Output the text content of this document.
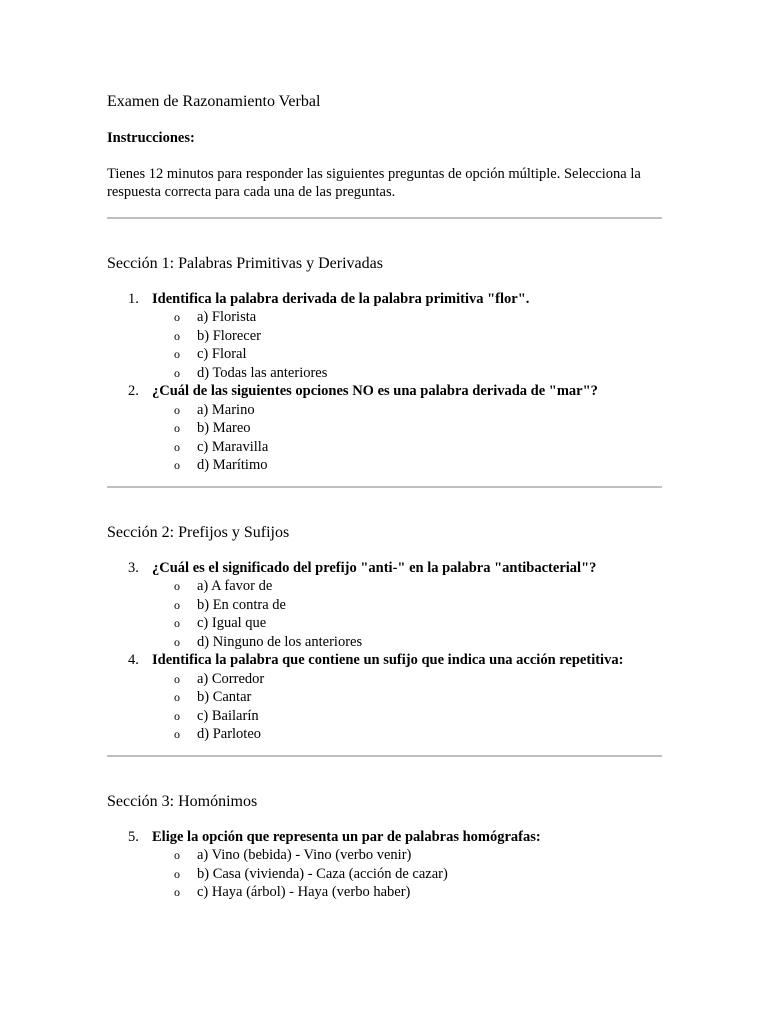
Examen de Razonamiento Verbal

Instrucciones:

Tienes 12 minutos para responder las siguientes preguntas de opción múltiple. Selecciona la respuesta correcta para cada una de las preguntas.

Sección 1: Palabras Primitivas y Derivadas
1. Identifica la palabra derivada de la palabra primitiva "flor".
o a) Florista
o b) Florecer
o c) Floral
o d) Todas las anteriores
2. ¿Cuál de las siguientes opciones NO es una palabra derivada de "mar"?
o a) Marino
o b) Mareo
o c) Maravilla
o d) Marítimo
Sección 2: Prefijos y Sufijos
3. ¿Cuál es el significado del prefijo "anti-" en la palabra "antibacterial"?
o a) A favor de
o b) En contra de
o c) Igual que
o d) Ninguno de los anteriores
4. Identifica la palabra que contiene un sufijo que indica una acción repetitiva:
o a) Corredor
o b) Cantar
o c) Bailarín
o d) Parloteo
Sección 3: Homónimos
5. Elige la opción que representa un par de palabras homógrafas:
o a) Vino (bebida) - Vino (verbo venir)
o b) Casa (vivienda) - Caza (acción de cazar)
o c) Haya (árbol) - Haya (verbo haber)
